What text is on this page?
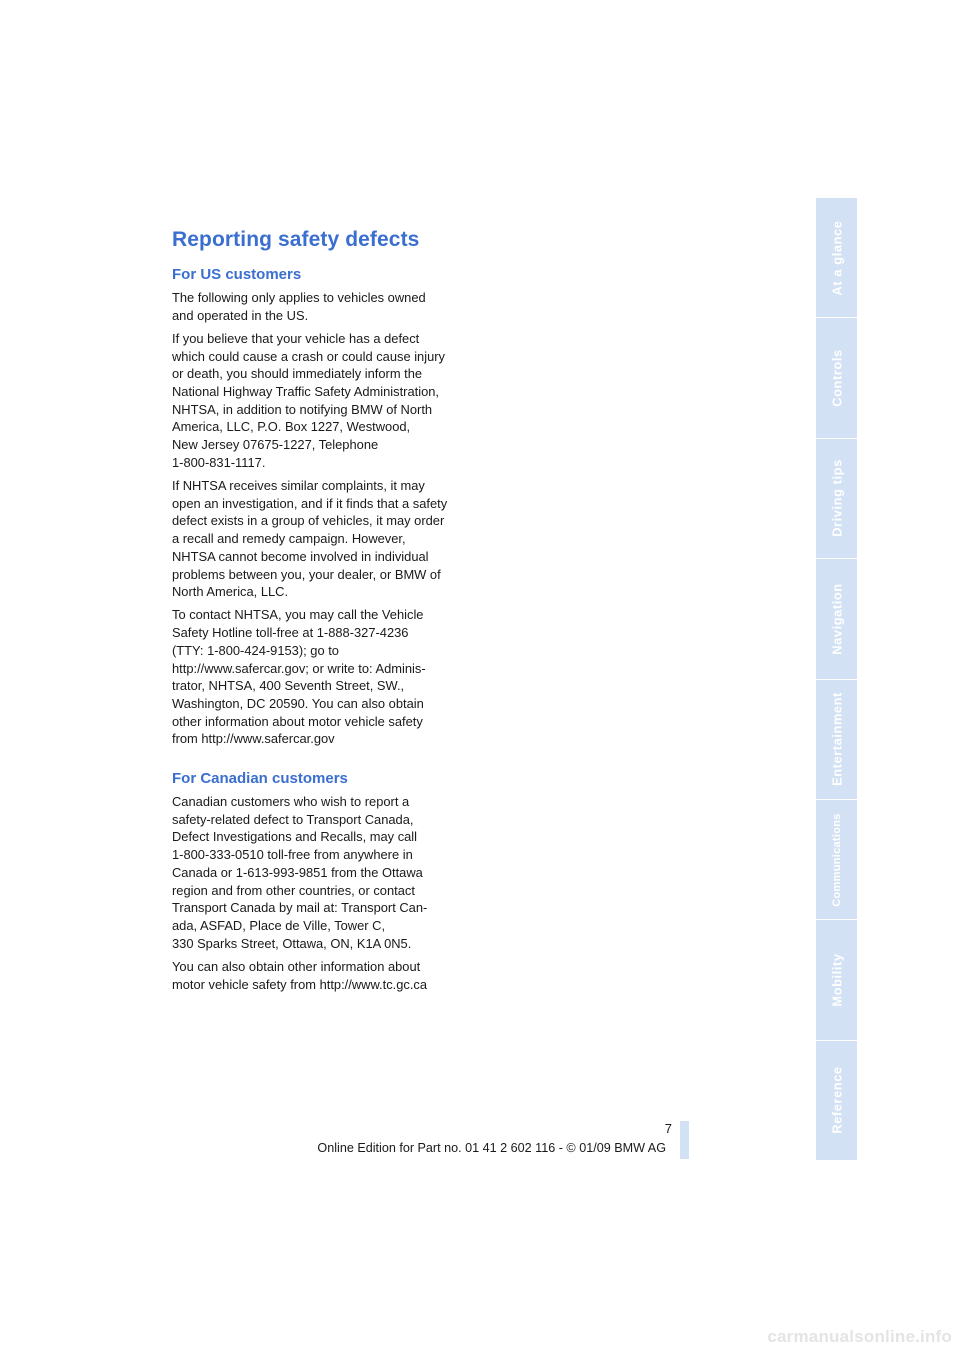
Reporting safety defects
For US customers

The following only applies to vehicles owned
and operated in the US.

If you believe that your vehicle has a defect
which could cause a crash or could cause injury
or death, you should immediately inform the
National Highway Traffic Safety Administration,
NHTSA, in addition to notifying BMW of North
America, LLC, P.O. Box 1227, Westwood,
New Jersey 07675-1227, Telephone
1-800-831-1117.

If NHTSA receives similar complaints, it may
open an investigation, and if it finds that a safety
defect exists in a group of vehicles, it may order
a recall and remedy campaign. However,
NHTSA cannot become involved in individual
problems between you, your dealer, or BMW of
North America, LLC.

To contact NHTSA, you may call the Vehicle
Safety Hotline toll-free at 1-888-327-4236
(TTY: 1-800-424-9153); go to
http://www.safercar.gov; or write to: Adminis-
trator, NHTSA, 400 Seventh Street, SW.,
Washington, DC 20590. You can also obtain
other information about motor vehicle safety
from http://www.safercar.gov

For Canadian customers

Canadian customers who wish to report a
safety-related defect to Transport Canada,
Defect Investigations and Recalls, may call
1-800-333-0510 toll-free from anywhere in
Canada or 1-613-993-9851 from the Ottawa
region and from other countries, or contact
Transport Canada by mail at: Transport Can-
ada, ASFAD, Place de Ville, Tower C,
330 Sparks Street, Ottawa, ON, K1A 0N5.

You can also obtain other information about
motor vehicle safety from http://www.tc.gc.ca

At a glance
Controls
Driving tips
Navigation
Entertainment
Communications
Mobility
Reference
7
Online Edition for Part no. 01 41 2 602 116 - © 01/09 BMW AG
carmanualsonline.info
